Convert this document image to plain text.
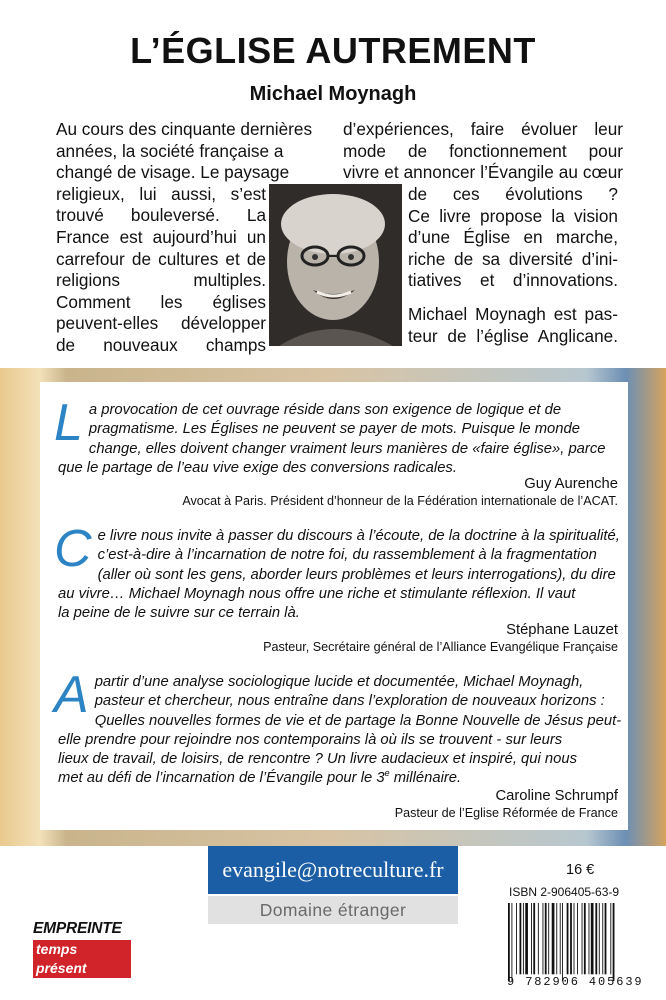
L’ÉGLISE AUTREMENT
Michael Moynagh
Au cours des cinquante dernières
années, la société française a
changé de visage. Le paysage
religieux, lui aussi, s’est
trouvé bouleversé. La
France est aujourd’hui un
carrefour de cultures et de
religions multiples.
Comment les églises
peuvent-elles développer
de nouveaux champs
d’expériences, faire évoluer leur
mode de fonctionnement pour
vivre et annoncer l’Évangile au cœur
de ces évolutions ?
Ce livre propose la vision
d’une Église en marche,
riche de sa diversité d’ini-
tiatives et d’innovations.
Michael Moynagh est pas-
teur de l’église Anglicane.
L a provocation de cet ouvrage réside dans son exigence de logique et de
pragmatisme. Les Églises ne peuvent se payer de mots. Puisque le monde
change, elles doivent changer vraiment leurs manières de «faire église», parce
que le partage de l’eau vive exige des conversions radicales.
Guy Aurenche
Avocat à Paris. Président d’honneur de la Fédération internationale de l’ACAT.
C e livre nous invite à passer du discours à l’écoute, de la doctrine à la spiritualité,
c’est-à-dire à l’incarnation de notre foi, du rassemblement à la fragmentation
(aller où sont les gens, aborder leurs problèmes et leurs interrogations), du dire
au vivre… Michael Moynagh nous offre une riche et stimulante réflexion. Il vaut
la peine de le suivre sur ce terrain là.
Stéphane Lauzet
Pasteur, Secrétaire général de l’Alliance Evangélique Française
A partir d’une analyse sociologique lucide et documentée, Michael Moynagh,
pasteur et chercheur, nous entraîne dans l’exploration de nouveaux horizons :
Quelles nouvelles formes de vie et de partage la Bonne Nouvelle de Jésus peut-
elle prendre pour rejoindre nos contemporains là où ils se trouvent - sur leurs
lieux de travail, de loisirs, de rencontre ? Un livre audacieux et inspiré, qui nous
met au défi de l’incarnation de l’Évangile pour le 3e millénaire.
Caroline Schrumpf
Pasteur de l’Eglise Réformée de France
evangile@notreculture.fr
Domaine étranger
16 €
ISBN 2-906405-63-9
9 782906 405639
EMPREINTE
temps présent
